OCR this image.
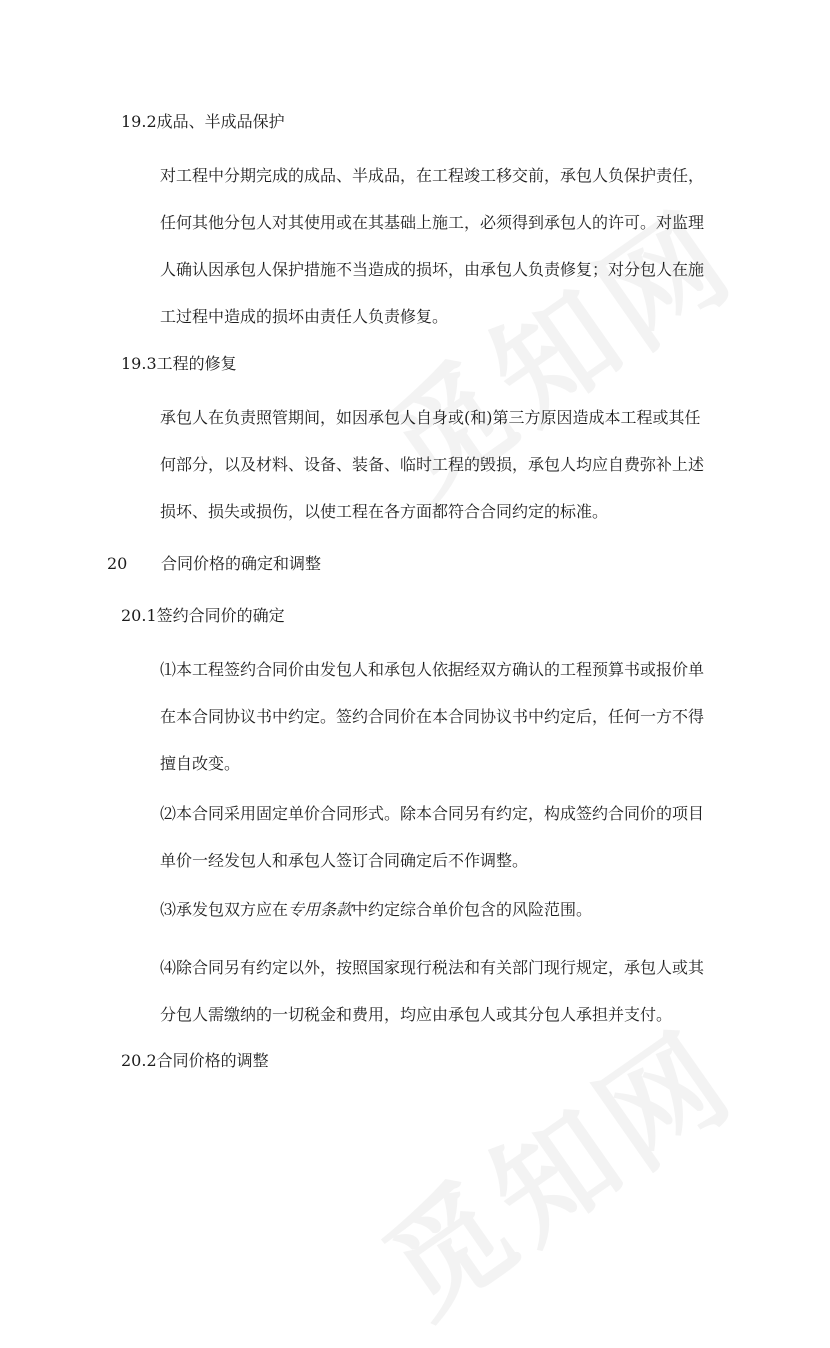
19.2成品、半成品保护
对工程中分期完成的成品、半成品，在工程竣工移交前，承包人负保护责任，
任何其他分包人对其使用或在其基础上施工，必须得到承包人的许可。对监理
人确认因承包人保护措施不当造成的损坏，由承包人负责修复；对分包人在施
工过程中造成的损坏由责任人负责修复。
19.3工程的修复
承包人在负责照管期间，如因承包人自身或(和)第三方原因造成本工程或其任
何部分，以及材料、设备、装备、临时工程的毁损，承包人均应自费弥补上述
损坏、损失或损伤，以使工程在各方面都符合合同约定的标准。
20 合同价格的确定和调整
20.1签约合同价的确定
⑴本工程签约合同价由发包人和承包人依据经双方确认的工程预算书或报价单
在本合同协议书中约定。签约合同价在本合同协议书中约定后，任何一方不得
擅自改变。
⑵本合同采用固定单价合同形式。除本合同另有约定，构成签约合同价的项目
单价一经发包人和承包人签订合同确定后不作调整。
⑶承发包双方应在专用条款中约定综合单价包含的风险范围。
⑷除合同另有约定以外，按照国家现行税法和有关部门现行规定，承包人或其
分包人需缴纳的一切税金和费用，均应由承包人或其分包人承担并支付。
20.2合同价格的调整
